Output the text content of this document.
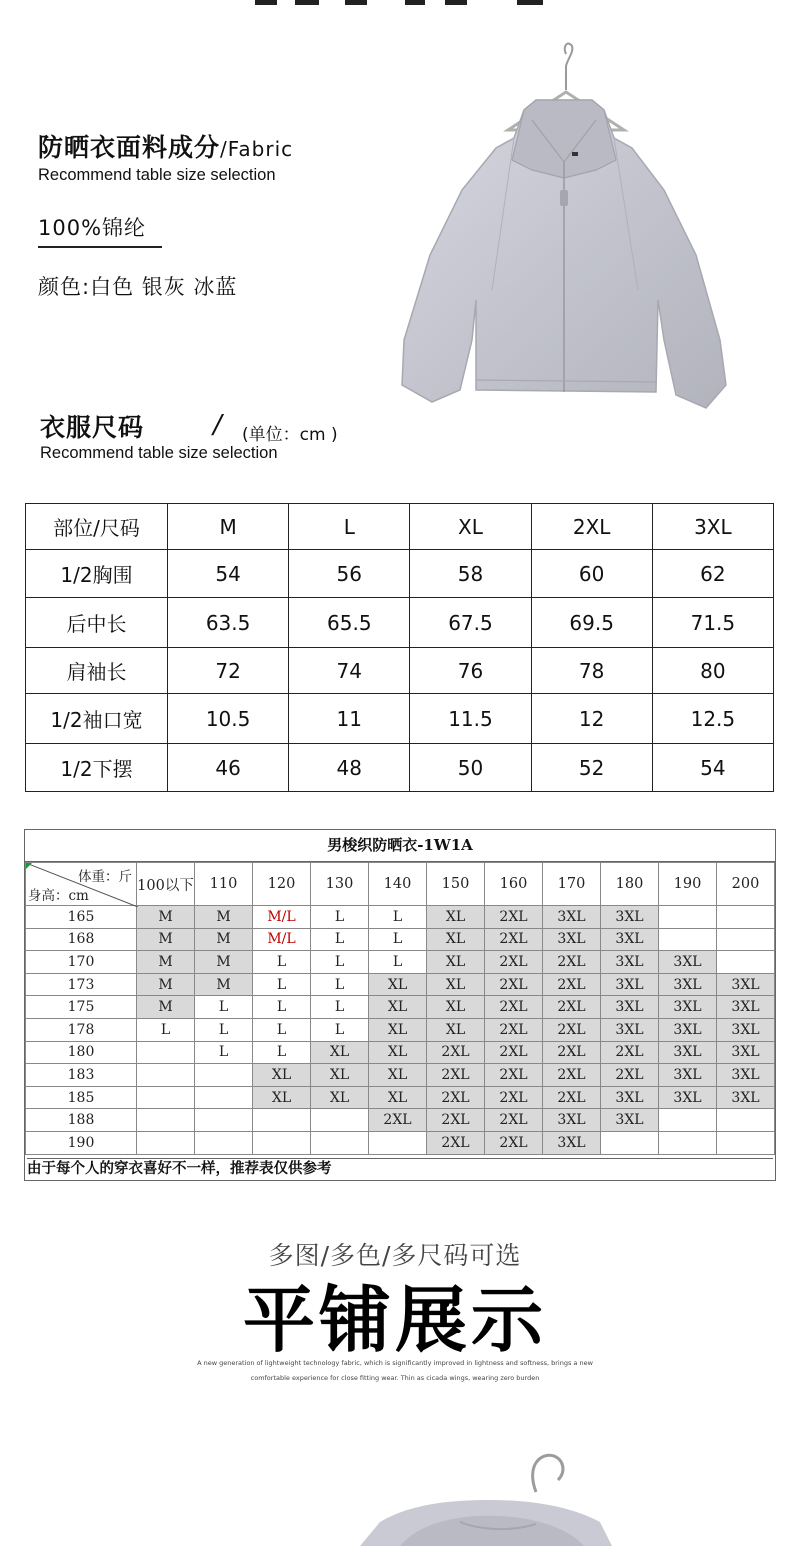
防晒衣面料成分/Fabric
Recommend table size selection
100%锦纶
颜色:白色 银灰 冰蓝
衣服尺码	/ (单位：cm )
Recommend table size selection
部位/尺码	M	L	XL	2XL	3XL
1/2胸围	54	56	58	60	62
后中长	63.5	65.5	67.5	69.5	71.5
肩袖长	72	74	76	78	80
1/2袖口宽	10.5	11	11.5	12	12.5
1/2下摆	46	48	50	52	54
男梭织防晒衣-1W1A
体重：斤
身高：cm	100以下	110	120	130	140	150	160	170	180	190	200
165	M	M	M/L	L	L	XL	2XL	3XL	3XL		
168	M	M	M/L	L	L	XL	2XL	3XL	3XL		
170	M	M	L	L	L	XL	2XL	2XL	3XL	3XL	
173	M	M	L	L	XL	XL	2XL	2XL	3XL	3XL	3XL
175	M	L	L	L	XL	XL	2XL	2XL	3XL	3XL	3XL
178	L	L	L	L	XL	XL	2XL	2XL	3XL	3XL	3XL
180		L	L	XL	XL	2XL	2XL	2XL	2XL	3XL	3XL
183			XL	XL	XL	2XL	2XL	2XL	2XL	3XL	3XL
185			XL	XL	XL	2XL	2XL	2XL	3XL	3XL	3XL
188					2XL	2XL	2XL	3XL	3XL		
190						2XL	2XL	3XL			
由于每个人的穿衣喜好不一样，推荐表仅供参考
多图/多色/多尺码可选
平铺展示
A new generation of lightweight technology fabric, which is significantly improved in lightness and softness, brings a new
comfortable experience for close fitting wear. Thin as cicada wings, wearing zero burden
